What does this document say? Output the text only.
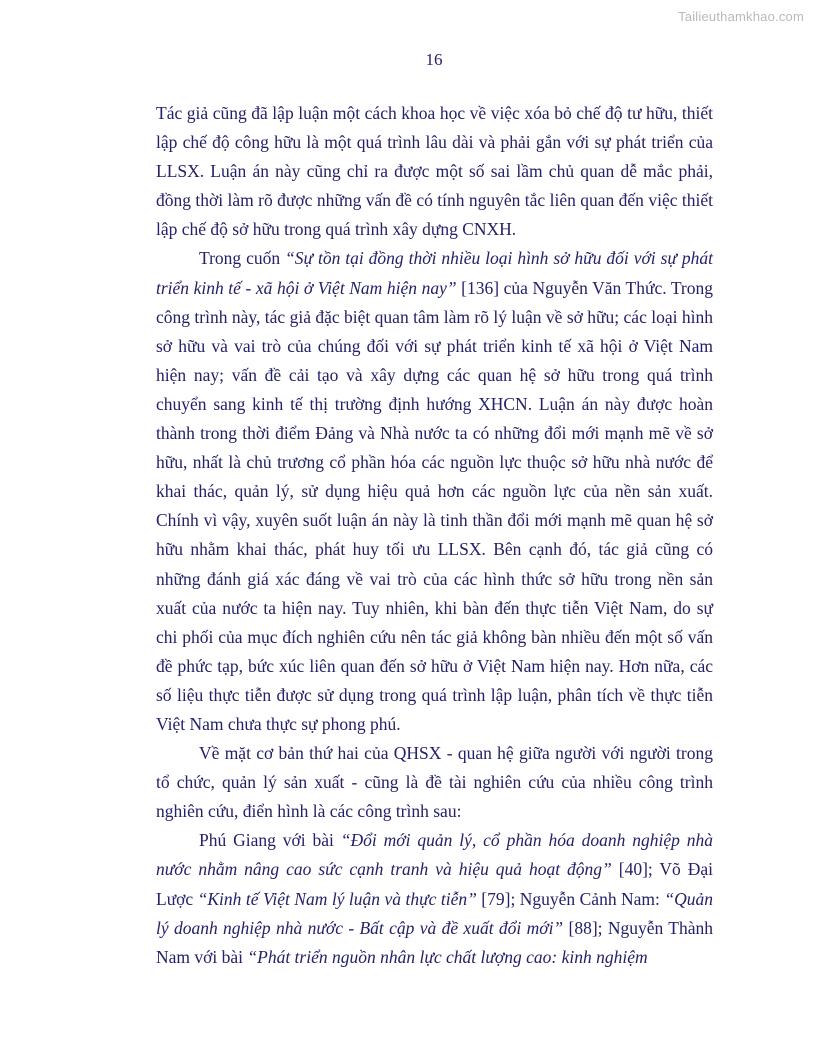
Tailieuthamkhao.com
16

Tác giả cũng đã lập luận một cách khoa học về việc xóa bỏ chế độ tư hữu, thiết lập chế độ công hữu là một quá trình lâu dài và phải gắn với sự phát triển của LLSX. Luận án này cũng chỉ ra được một số sai lầm chủ quan dễ mắc phải, đồng thời làm rõ được những vấn đề có tính nguyên tắc liên quan đến việc thiết lập chế độ sở hữu trong quá trình xây dựng CNXH.

Trong cuốn “Sự tồn tại đồng thời nhiều loại hình sở hữu đối với sự phát triển kinh tế - xã hội ở Việt Nam hiện nay” [136] của Nguyễn Văn Thức. Trong công trình này, tác giả đặc biệt quan tâm làm rõ lý luận về sở hữu; các loại hình sở hữu và vai trò của chúng đối với sự phát triển kinh tế xã hội ở Việt Nam hiện nay; vấn đề cải tạo và xây dựng các quan hệ sở hữu trong quá trình chuyển sang kinh tế thị trường định hướng XHCN. Luận án này được hoàn thành trong thời điểm Đảng và Nhà nước ta có những đổi mới mạnh mẽ về sở hữu, nhất là chủ trương cổ phần hóa các nguồn lực thuộc sở hữu nhà nước để khai thác, quản lý, sử dụng hiệu quả hơn các nguồn lực của nền sản xuất. Chính vì vậy, xuyên suốt luận án này là tinh thần đổi mới mạnh mẽ quan hệ sở hữu nhằm khai thác, phát huy tối ưu LLSX. Bên cạnh đó, tác giả cũng có những đánh giá xác đáng về vai trò của các hình thức sở hữu trong nền sản xuất của nước ta hiện nay. Tuy nhiên, khi bàn đến thực tiễn Việt Nam, do sự chi phối của mục đích nghiên cứu nên tác giả không bàn nhiều đến một số vấn đề phức tạp, bức xúc liên quan đến sở hữu ở Việt Nam hiện nay. Hơn nữa, các số liệu thực tiễn được sử dụng trong quá trình lập luận, phân tích về thực tiễn Việt Nam chưa thực sự phong phú.

Về mặt cơ bản thứ hai của QHSX - quan hệ giữa người với người trong tổ chức, quản lý sản xuất - cũng là đề tài nghiên cứu của nhiều công trình nghiên cứu, điển hình là các công trình sau:

Phú Giang với bài “Đổi mới quản lý, cổ phần hóa doanh nghiệp nhà nước nhằm nâng cao sức cạnh tranh và hiệu quả hoạt động” [40]; Võ Đại Lược “Kinh tế Việt Nam lý luận và thực tiễn” [79]; Nguyễn Cảnh Nam: “Quản lý doanh nghiệp nhà nước - Bất cập và đề xuất đổi mới” [88]; Nguyễn Thành Nam với bài “Phát triển nguồn nhân lực chất lượng cao: kinh nghiệm
